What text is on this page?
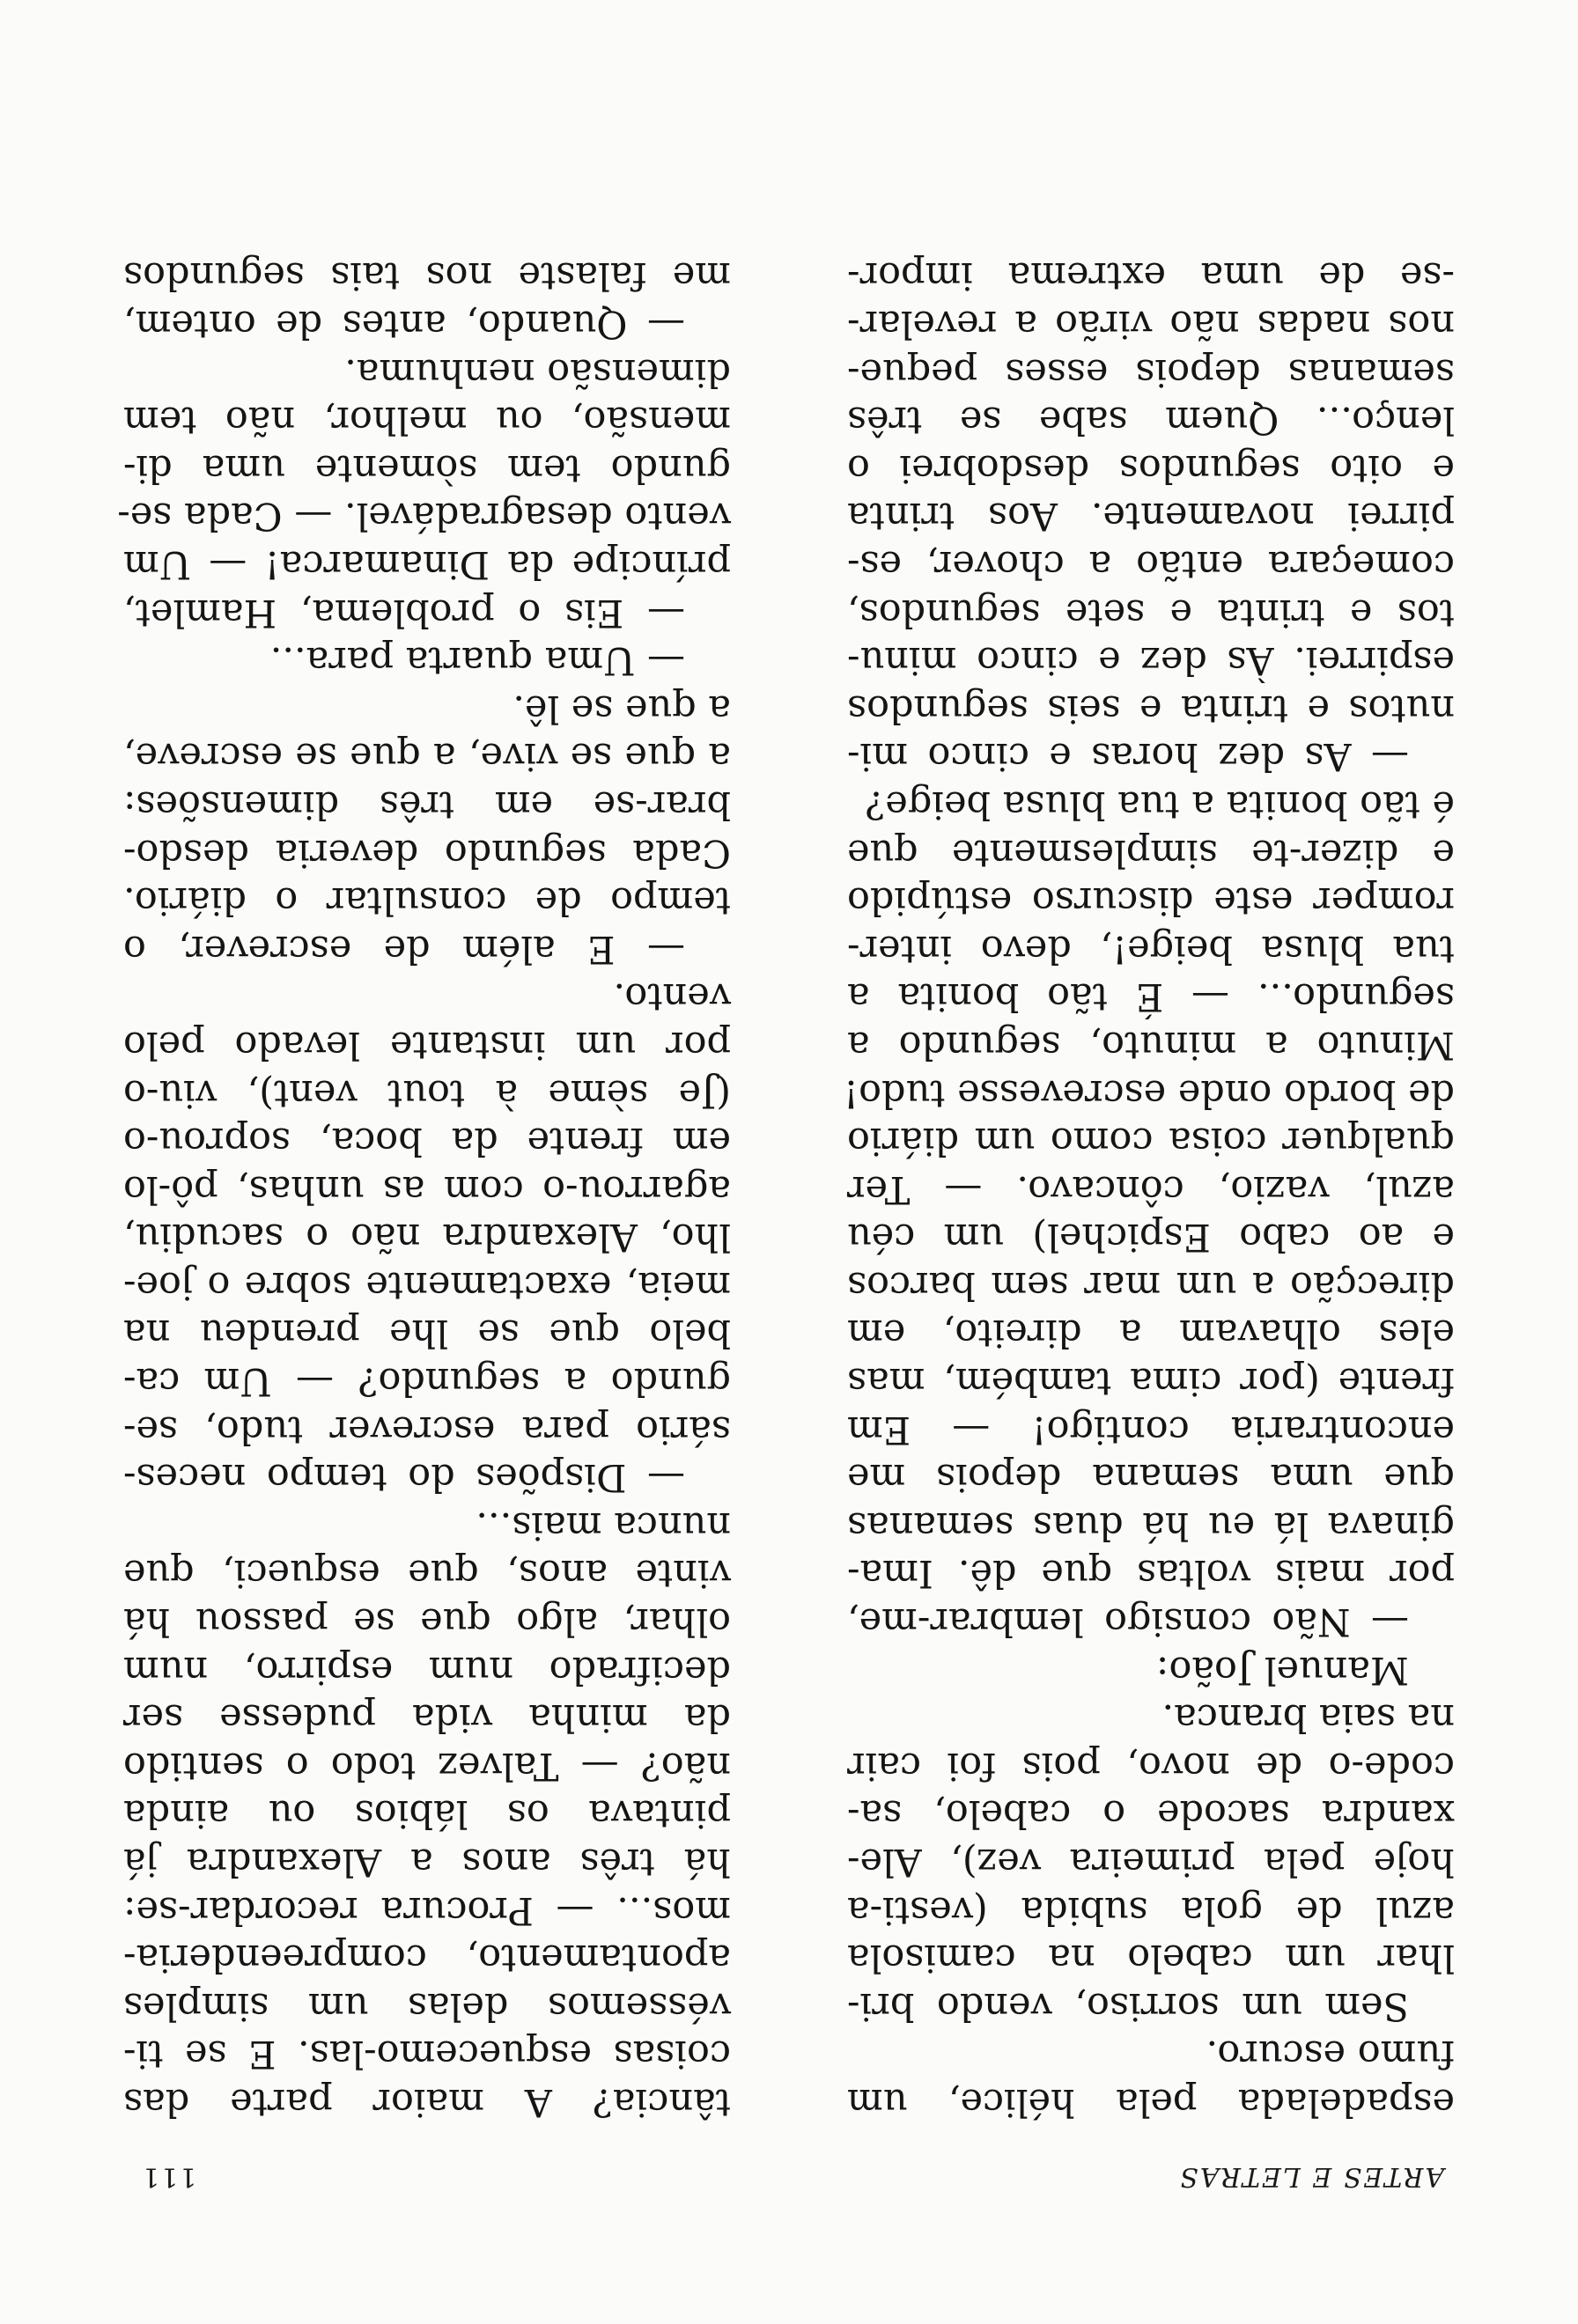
ARTES E LETRAS
111
espadelada pela hélice, um
fumo escuro.
Sem um sorriso, vendo bri-
lhar um cabelo na camisola
azul de gola subida (vesti-a
hoje pela primeira vez), Ale-
xandra sacode o cabelo, sa-
code-o de novo, pois foi cair
na saia branca.
Manuel João:
— Não consigo lembrar-me,
por mais voltas que dê. Ima-
ginava lá eu há duas semanas
que uma semana depois me
encontraria contigo! — Em
frente (por cima também, mas
eles olhavam a direito, em
direcção a um mar sem barcos
e ao cabo Espichel) um céu
azul, vazio, côncavo. — Ter
qualquer coisa como um diário
de bordo onde escrevesse tudo!
Minuto a minuto, segundo a
segundo... — É tão bonita a
tua blusa beige!, devo inter-
romper este discurso estúpido
e dizer-te simplesmente que
é tão bonita a tua blusa beige?
— As dez horas e cinco mi-
nutos e trinta e seis segundos
espirrei. Às dez e cinco minu-
tos e trinta e sete segundos,
começara então a chover, es-
pirrei novamente. Aos trinta
e oito segundos desdobrei o
lenço... Quem sabe se três
semanas depois esses peque-
nos nadas não virão a revelar-
-se de uma extrema impor-
tância? A maior parte das
coisas esquecemo-las. E se ti-
véssemos delas um simples
apontamento, compreenderia-
mos... — Procura recordar-se:
há três anos a Alexandra já
pintava os lábios ou ainda
não? — Talvez todo o sentido
da minha vida pudesse ser
decifrado num espirro, num
olhar, algo que se passou há
vinte anos, que esqueci, que
nunca mais...
— Dispões do tempo neces-
sário para escrever tudo, se-
gundo a segundo? — Um ca-
belo que se lhe prendeu na
meia, exactamente sobre o joe-
lho, Alexandra não o sacudiu,
agarrou-o com as unhas, pô-lo
em frente da boca, soprou-o
(Je sème à tout vent), viu-o
por um instante levado pelo
vento.
— E além de escrever, o
tempo de consultar o diário.
Cada segundo deveria desdo-
brar-se em três dimensões:
a que se vive, a que se escreve,
a que se lê.
— Uma quarta para...
— Eis o problema, Hamlet,
príncipe da Dinamarca! — Um
vento desagradável. — Cada se-
gundo tem sòmente uma di-
mensão, ou melhor, não tem
dimensão nenhuma.
— Quando, antes de ontem,
me falaste nos tais segundos
